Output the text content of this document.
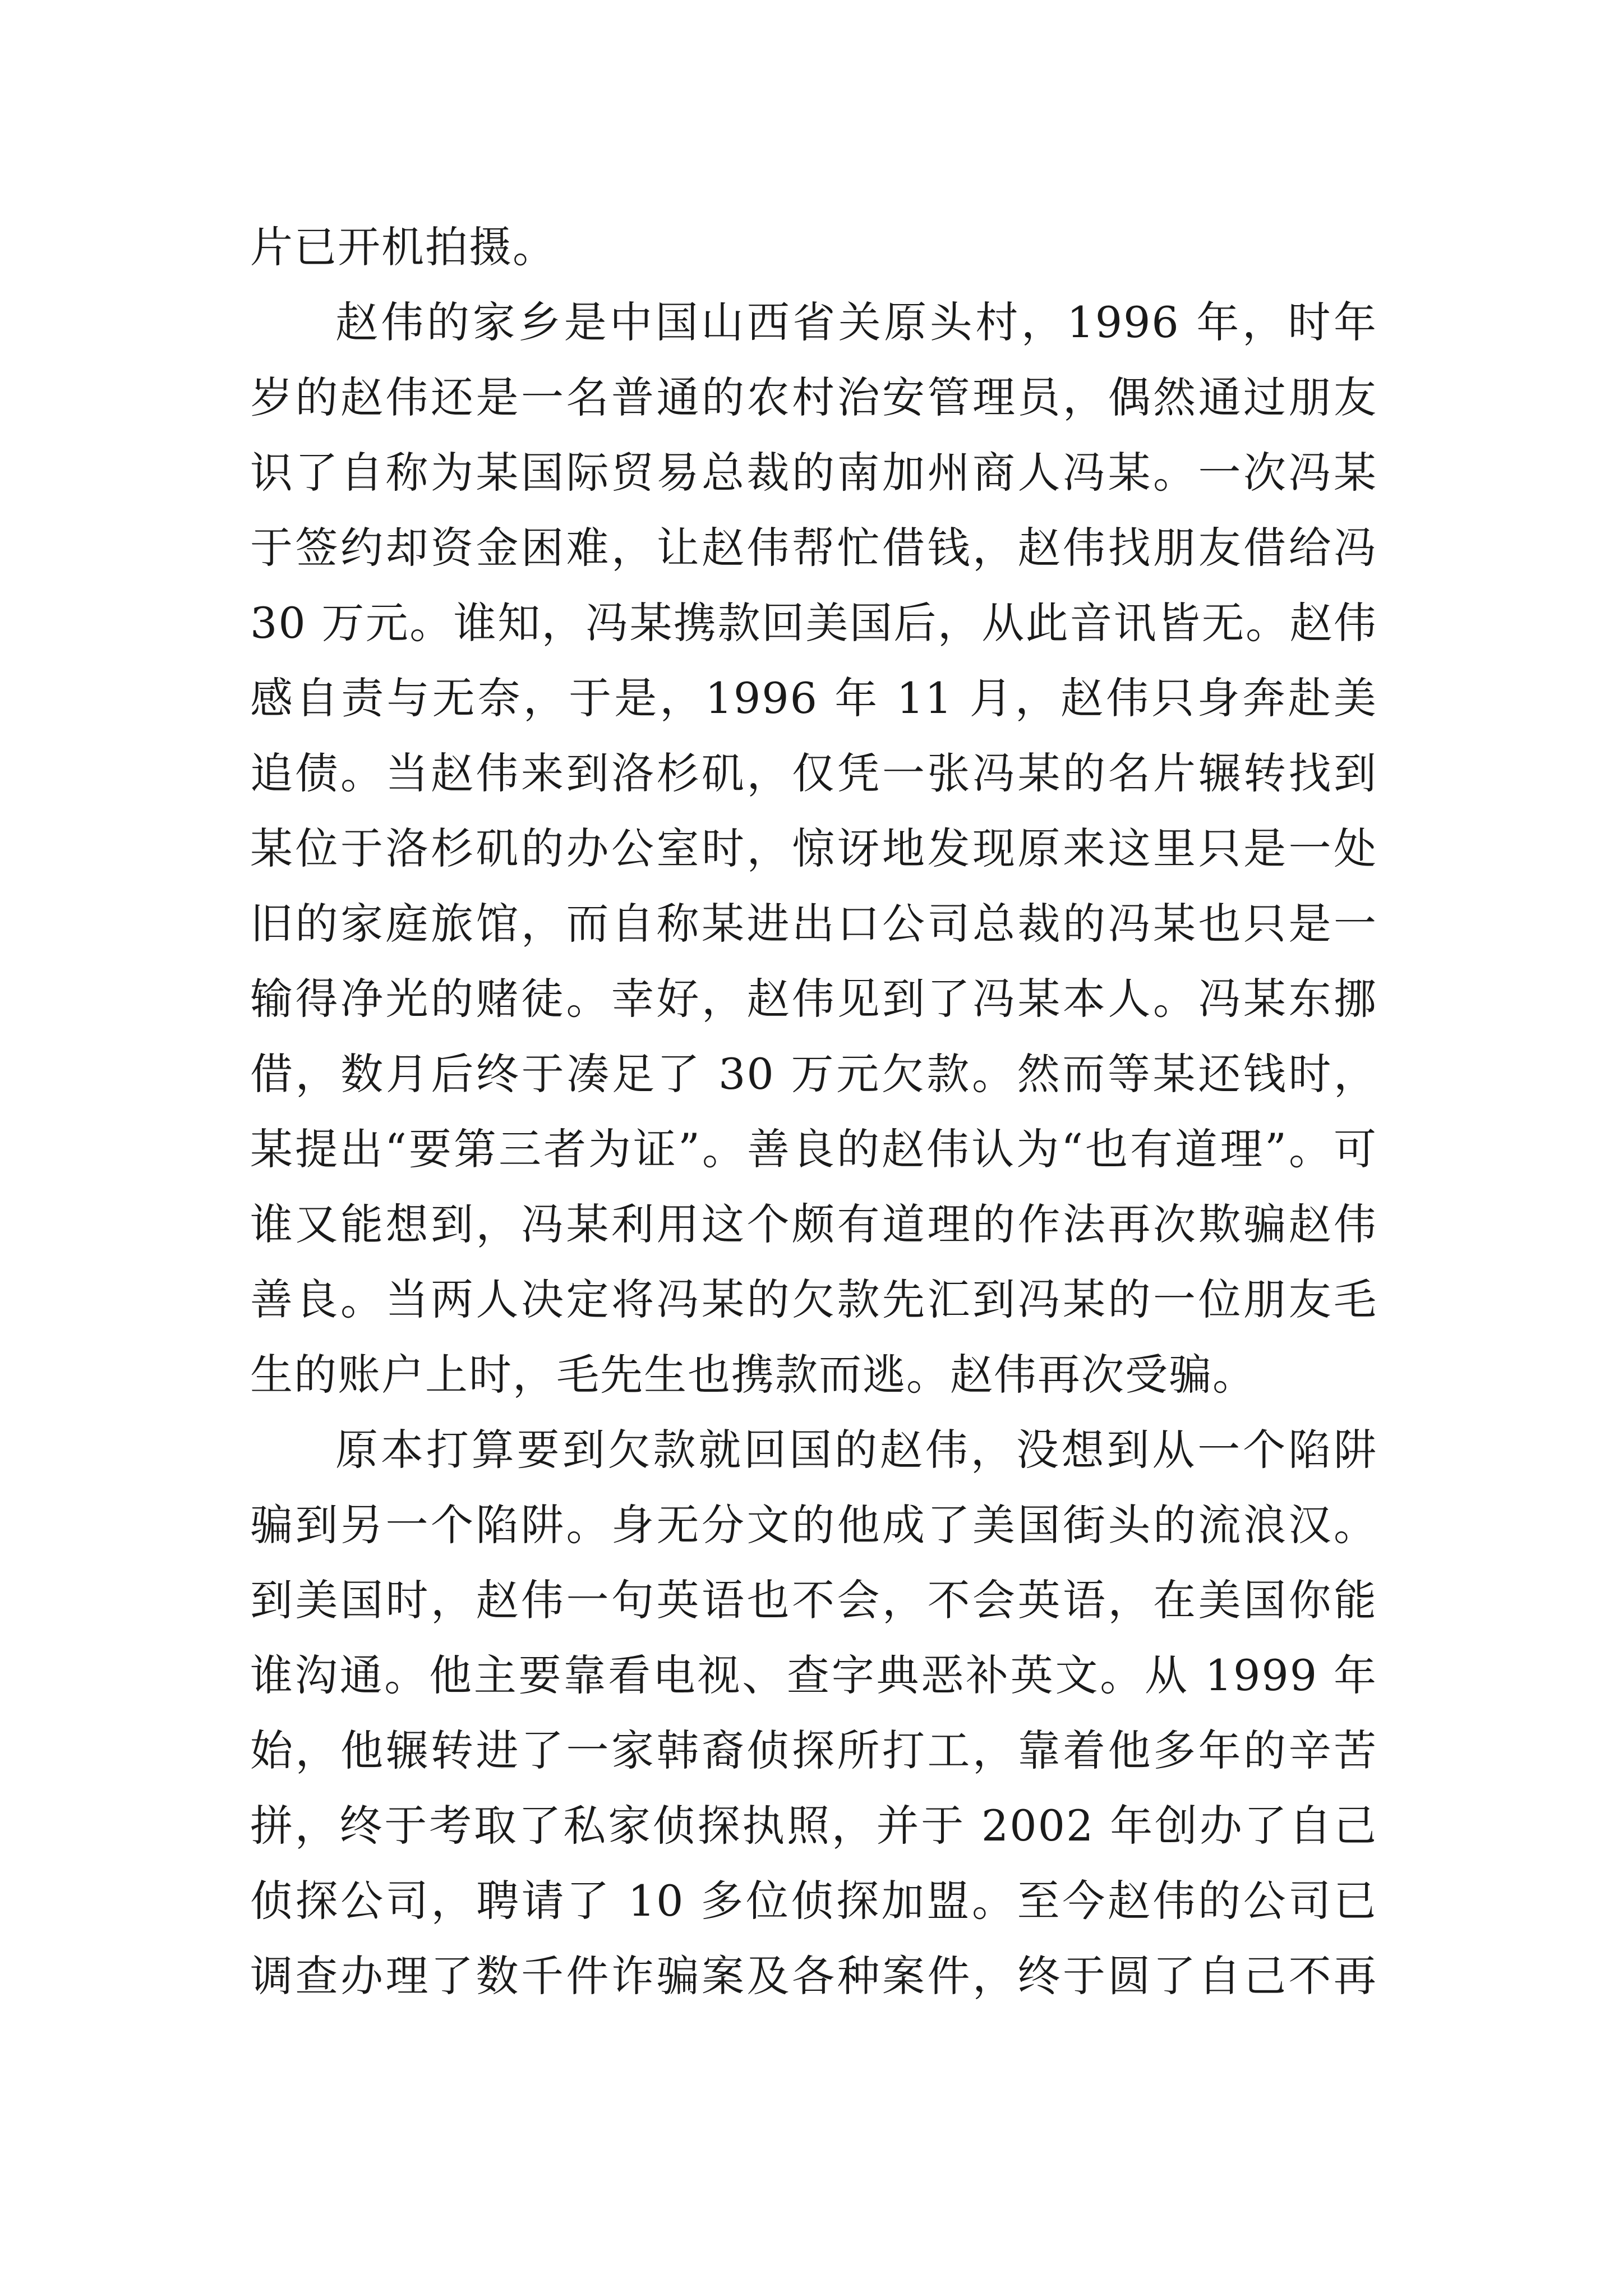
片已开机拍摄。
赵伟的家乡是中国山西省关原头村，1996 年，时年
岁的赵伟还是一名普通的农村治安管理员，偶然通过朋友
识了自称为某国际贸易总裁的南加州商人冯某。一次冯某
于签约却资金困难，让赵伟帮忙借钱，赵伟找朋友借给冯
30 万元。谁知，冯某携款回美国后，从此音讯皆无。赵伟
感自责与无奈，于是，1996 年 11 月，赵伟只身奔赴美
追债。当赵伟来到洛杉矶，仅凭一张冯某的名片辗转找到
某位于洛杉矶的办公室时，惊讶地发现原来这里只是一处
旧的家庭旅馆，而自称某进出口公司总裁的冯某也只是一
输得净光的赌徒。幸好，赵伟见到了冯某本人。冯某东挪
借，数月后终于凑足了 30 万元欠款。然而等某还钱时，
某提出“要第三者为证”。善良的赵伟认为“也有道理”。可
谁又能想到，冯某利用这个颇有道理的作法再次欺骗赵伟
善良。当两人决定将冯某的欠款先汇到冯某的一位朋友毛
生的账户上时，毛先生也携款而逃。赵伟再次受骗。
原本打算要到欠款就回国的赵伟，没想到从一个陷阱
骗到另一个陷阱。身无分文的他成了美国街头的流浪汉。
到美国时，赵伟一句英语也不会，不会英语，在美国你能
谁沟通。他主要靠看电视、查字典恶补英文。从 1999 年
始，他辗转进了一家韩裔侦探所打工，靠着他多年的辛苦
拼，终于考取了私家侦探执照，并于 2002 年创办了自己
侦探公司，聘请了 10 多位侦探加盟。至今赵伟的公司已
调查办理了数千件诈骗案及各种案件，终于圆了自己不再
